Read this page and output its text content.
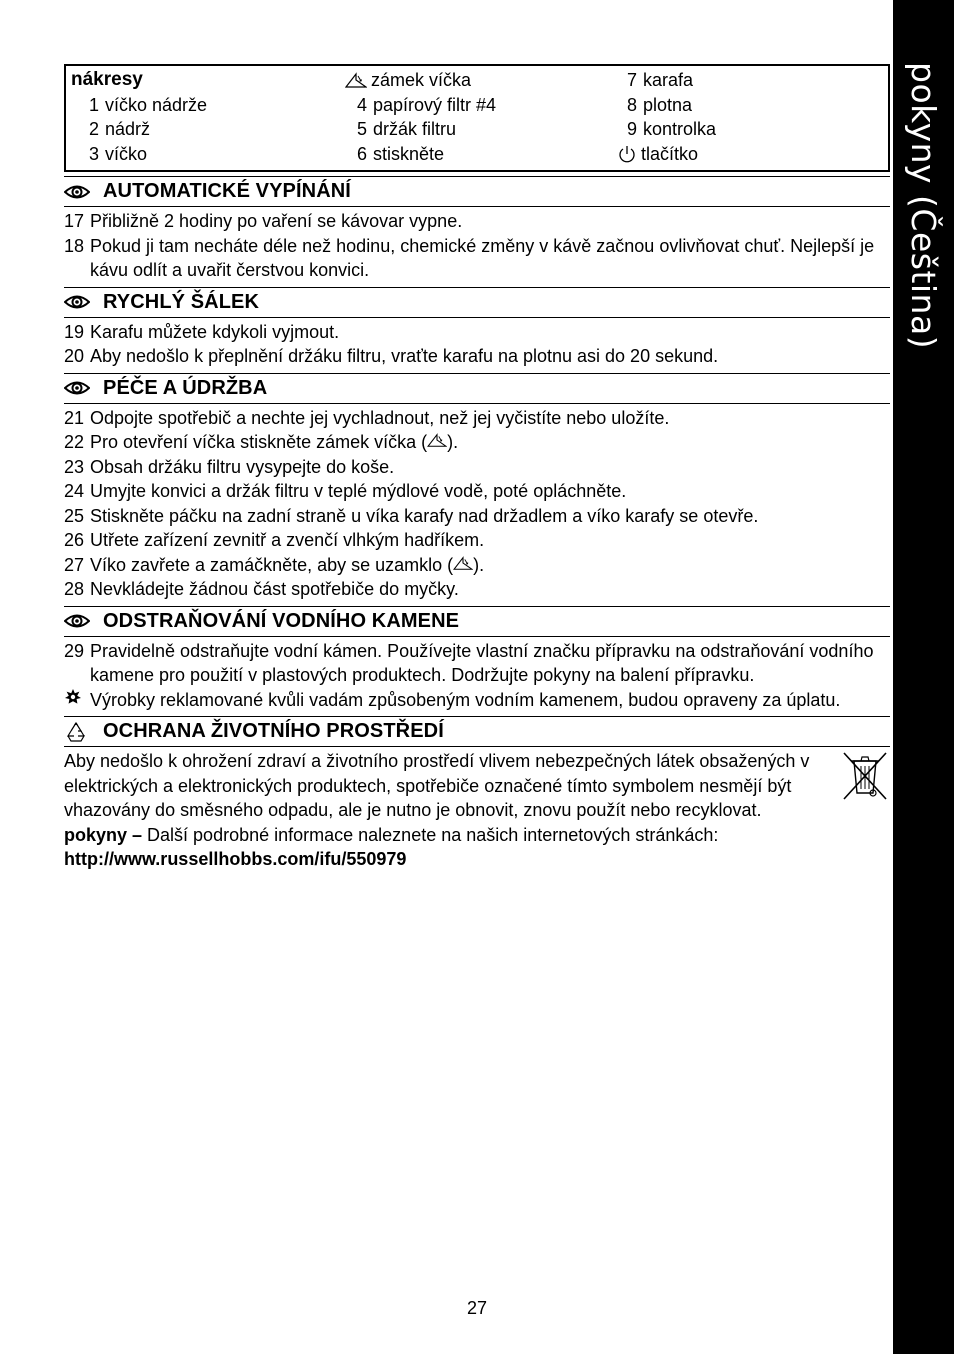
pokyny (Čeština)
nákresy
1 víčko nádrže
2 nádrž
3 víčko
zámek víčka
4 papírový filtr #4
5 držák filtru
6 stiskněte
7 karafa
8 plotna
9 kontrolka
tlačítko
AUTOMATICKÉ VYPÍNÁNÍ
17 Přibližně 2 hodiny po vaření se kávovar vypne.
18 Pokud ji tam necháte déle než hodinu, chemické změny v kávě začnou ovlivňovat chuť. Nejlepší je kávu odlít a uvařit čerstvou konvici.
RYCHLÝ ŠÁLEK
19 Karafu můžete kdykoli vyjmout.
20 Aby nedošlo k přeplnění držáku filtru, vraťte karafu na plotnu asi do 20 sekund.
PÉČE A ÚDRŽBA
21 Odpojte spotřebič a nechte jej vychladnout, než jej vyčistíte nebo uložíte.
22 Pro otevření víčka stiskněte zámek víčka ( ).
23 Obsah držáku filtru vysypejte do koše.
24 Umyjte konvici a držák filtru v teplé mýdlové vodě, poté opláchněte.
25 Stiskněte páčku na zadní straně u víka karafy nad držadlem a víko karafy se otevře.
26 Utřete zařízení zevnitř a zvenčí vlhkým hadříkem.
27 Víko zavřete a zamáčkněte, aby se uzamklo ( ).
28 Nevkládejte žádnou část spotřebiče do myčky.
ODSTRAŇOVÁNÍ VODNÍHO KAMENE
29 Pravidelně odstraňujte vodní kámen. Používejte vlastní značku přípravku na odstraňování vodního kamene pro použití v plastových produktech. Dodržujte pokyny na balení přípravku.
Výrobky reklamované kvůli vadám způsobeným vodním kamenem, budou opraveny za úplatu.
OCHRANA ŽIVOTNÍHO PROSTŘEDÍ
Aby nedošlo k ohrožení zdraví a životního prostředí vlivem nebezpečných látek obsažených v elektrických a elektronických produktech, spotřebiče označené tímto symbolem nesmějí být vhazovány do směsného odpadu, ale je nutno je obnovit, znovu použít nebo recyklovat.
pokyny – Další podrobné informace naleznete na našich internetových stránkách:
http://www.russellhobbs.com/ifu/550979
27
